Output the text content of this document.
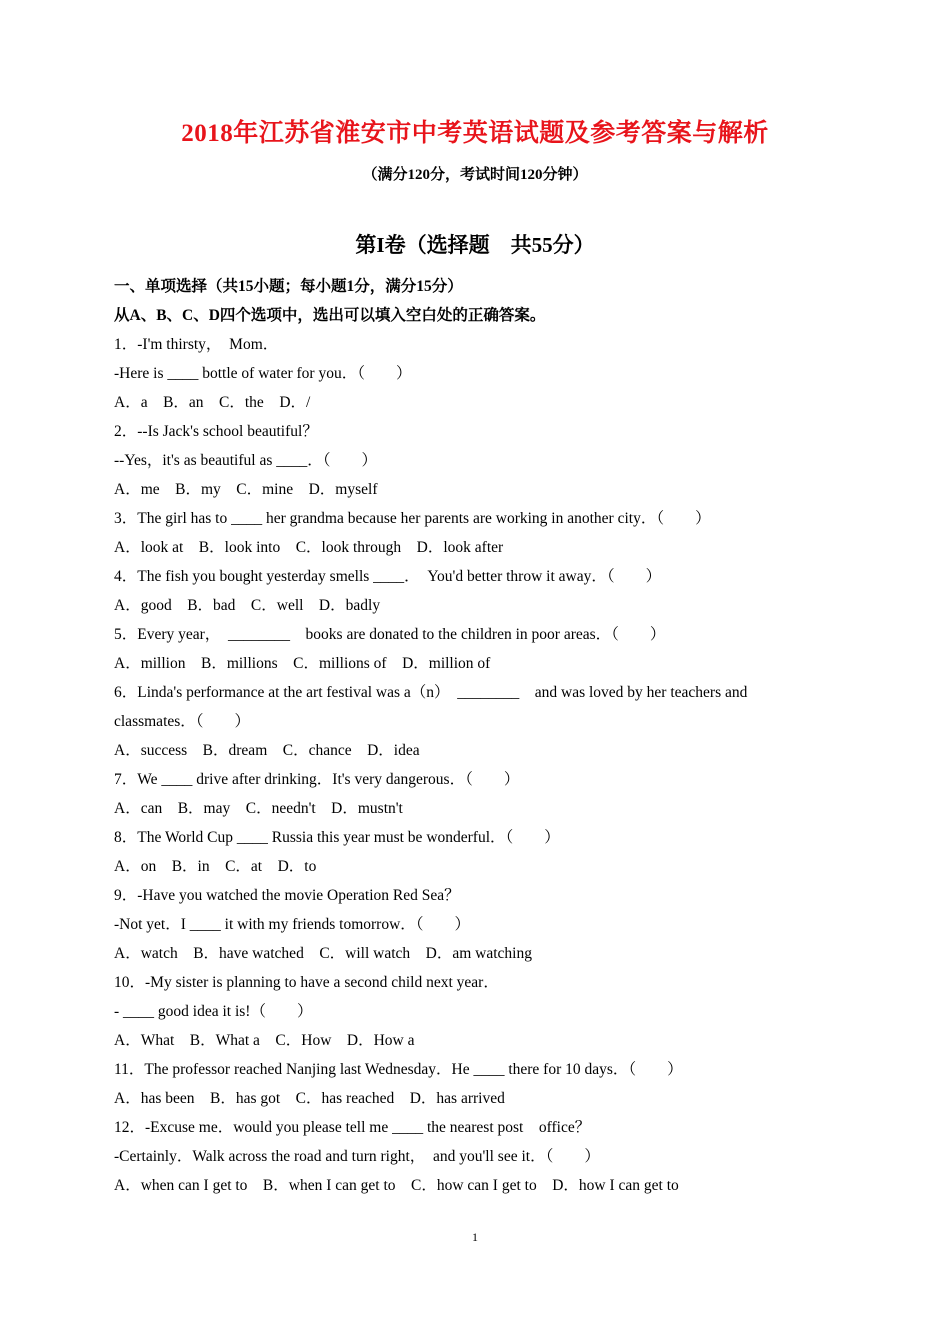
2018年江苏省淮安市中考英语试题及参考答案与解析
（满分120分，考试时间120分钟）
第I卷（选择题　共55分）
一、单项选择（共15小题；每小题1分，满分15分）
从A、B、C、D四个选项中，选出可以填入空白处的正确答案。
1．-I'm thirsty，　Mom．
-Here is ____ bottle of water for you．（　　）
A．a　B．an　C．the　D．/
2．--Is Jack's school beautiful？
--Yes，it's as beautiful as ____．（　　）
A．me　B．my　C．mine　D．myself
3．The girl has to ____ her grandma because her parents are working in another city．（　　）
A．look at　B．look into　C．look through　D．look after
4．The fish you bought yesterday smells ____．　You'd better throw it away．（　　）
A．good　B．bad　C．well　D．badly
5．Every year，　________　books are donated to the children in poor areas．（　　）
A．million　B．millions　C．millions of　D．million of
6．Linda's performance at the art festival was a（n）　________　and was loved by her teachers and
classmates．（　　）
A．success　B．dream　C．chance　D．idea
7．We ____ drive after drinking．It's very dangerous．（　　）
A．can　B．may　C．needn't　D．mustn't
8．The World Cup ____ Russia this year must be wonderful．（　　）
A．on　B．in　C．at　D．to
9．-Have you watched the movie Operation Red Sea？
-Not yet．I ____ it with my friends tomorrow．（　　）
A．watch　B．have watched　C．will watch　D．am watching
10．-My sister is planning to have a second child next year．
- ____ good idea it is!（　　）
A．What　B．What a　C．How　D．How a
11．The professor reached Nanjing last Wednesday．He ____ there for 10 days．（　　）
A．has been　B．has got　C．has reached　D．has arrived
12．-Excuse me．would you please tell me ____ the nearest post　office？
-Certainly．Walk across the road and turn right，　and you'll see it．（　　）
A．when can I get to　B．when I can get to　C．how can I get to　D．how I can get to
1
